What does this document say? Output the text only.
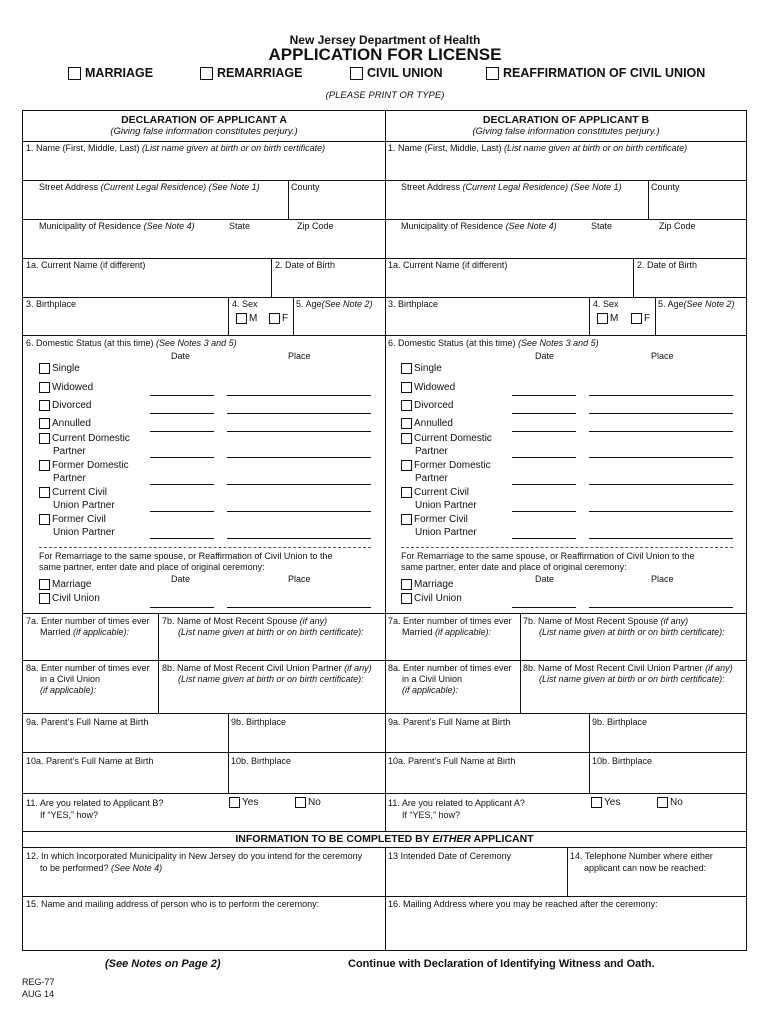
New Jersey Department of Health
APPLICATION FOR LICENSE
MARRIAGE	REMARRIAGE	CIVIL UNION	REAFFIRMATION OF CIVIL UNION
(PLEASE PRINT OR TYPE)
DECLARATION OF APPLICANT A
(Giving false information constitutes perjury.)
1. Name (First, Middle, Last) (List name given at birth or on birth certificate)
Street Address (Current Legal Residence) (See Note 1)	County
Municipality of Residence (See Note 4)	State	Zip Code
1a. Current Name (if different)	2. Date of Birth
3. Birthplace	4. Sex
M F
5. Age(See Note 2)
6. Domestic Status (at this time) (See Notes 3 and 5)
Date	Place
Single
Widowed
Divorced
Annulled
Current Domestic
Partner
Former Domestic
Partner
Current Civil
Union Partner
Former Civil
Union Partner
For Remarriage to the same spouse, or Reaffirmation of Civil Union to the
same partner, enter date and place of original ceremony:
Date	Place
Marriage
Civil Union
7a. Enter number of times ever
Married (if applicable):
7b. Name of Most Recent Spouse (if any)
(List name given at birth or on birth certificate):
8a. Enter number of times ever
in a Civil Union
(if applicable):
8b. Name of Most Recent Civil Union Partner (if any)
(List name given at birth or on birth certificate):
9a. Parent’s Full Name at Birth	9b. Birthplace
10a. Parent’s Full Name at Birth	10b. Birthplace
11. Are you related to Applicant B?
If “YES,” how?
Yes	No
DECLARATION OF APPLICANT B
(Giving false information constitutes perjury.)
1. Name (First, Middle, Last) (List name given at birth or on birth certificate)
Street Address (Current Legal Residence) (See Note 1)	County
Municipality of Residence (See Note 4)	State	Zip Code
1a. Current Name (if different)	2. Date of Birth
3. Birthplace	4. Sex
M	F
5. Age(See Note 2)
6. Domestic Status (at this time) (See Notes 3 and 5)
Date	Place
Single
Widowed
Divorced
Annulled
Current Domestic
Partner
Former Domestic
Partner
Current Civil
Union Partner
Former Civil
Union Partner
For Remarriage to the same spouse, or Reaffirmation of Civil Union to the
same partner, enter date and place of original ceremony:
Date	Place
Marriage
Civil Union
7a. Enter number of times ever
Married (if applicable):
7b. Name of Most Recent Spouse (if any)
(List name given at birth or on birth certificate):
8a. Enter number of times ever
in a Civil Union
(if applicable):
8b. Name of Most Recent Civil Union Partner (if any)
(List name given at birth or on birth certificate):
9a. Parent’s Full Name at Birth	9b. Birthplace
10a. Parent’s Full Name at Birth	10b. Birthplace
11. Are you related to Applicant A?
If “YES,” how?
Yes	No
INFORMATION TO BE COMPLETED BY EITHER APPLICANT
12. In which Incorporated Municipality in New Jersey do you intend for the ceremony
to be performed? (See Note 4)
13 Intended Date of Ceremony	14. Telephone Number where either
applicant can now be reached:
15. Name and mailing address of person who is to perform the ceremony:	16. Mailing Address where you may be reached after the ceremony:
(See Notes on Page 2)	Continue with Declaration of Identifying Witness and Oath.
REG-77
AUG 14
